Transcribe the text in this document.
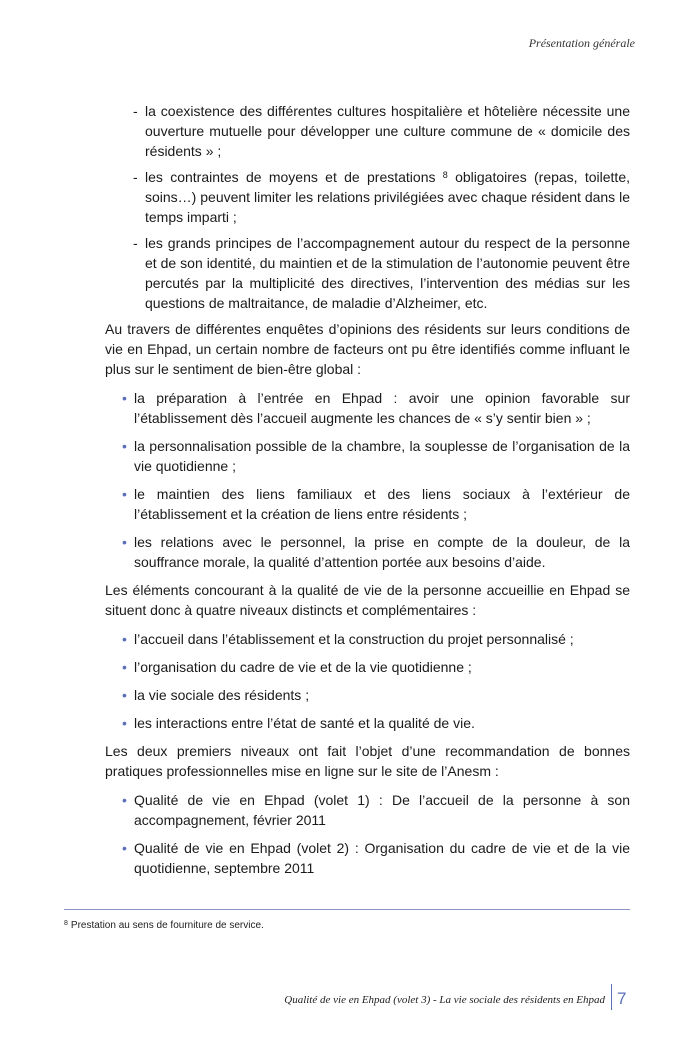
Présentation générale
- la coexistence des différentes cultures hospitalière et hôtelière nécessite une ouverture mutuelle pour développer une culture commune de « domicile des résidents » ;
- les contraintes de moyens et de prestations $^8$ obligatoires (repas, toilette, soins…) peuvent limiter les relations privilégiées avec chaque résident dans le temps imparti ;
- les grands principes de l’accompagnement autour du respect de la personne et de son identité, du maintien et de la stimulation de l’autonomie peuvent être percutés par la multiplicité des directives, l’intervention des médias sur les questions de maltraitance, de maladie d’Alzheimer, etc.

Au travers de différentes enquêtes d’opinions des résidents sur leurs conditions de vie en Ehpad, un certain nombre de facteurs ont pu être identifiés comme influant le plus sur le sentiment de bien-être global :

• la préparation à l’entrée en Ehpad : avoir une opinion favorable sur l’établissement dès l’accueil augmente les chances de « s’y sentir bien » ;
• la personnalisation possible de la chambre, la souplesse de l’organisation de la vie quotidienne ;
• le maintien des liens familiaux et des liens sociaux à l’extérieur de l’établissement et la création de liens entre résidents ;
• les relations avec le personnel, la prise en compte de la douleur, de la souffrance morale, la qualité d’attention portée aux besoins d’aide.

Les éléments concourant à la qualité de vie de la personne accueillie en Ehpad se situent donc à quatre niveaux distincts et complémentaires :

• l’accueil dans l’établissement et la construction du projet personnalisé ;
• l’organisation du cadre de vie et de la vie quotidienne ;
• la vie sociale des résidents ;
• les interactions entre l’état de santé et la qualité de vie.

Les deux premiers niveaux ont fait l’objet d’une recommandation de bonnes pratiques professionnelles mise en ligne sur le site de l’Anesm :

• Qualité de vie en Ehpad (volet 1) : De l’accueil de la personne à son accompagnement, février 2011
• Qualité de vie en Ehpad (volet 2) : Organisation du cadre de vie et de la vie quotidienne, septembre 2011
$^8$ Prestation au sens de fourniture de service.
Qualité de vie en Ehpad (volet 3) - La vie sociale des résidents en Ehpad 7
